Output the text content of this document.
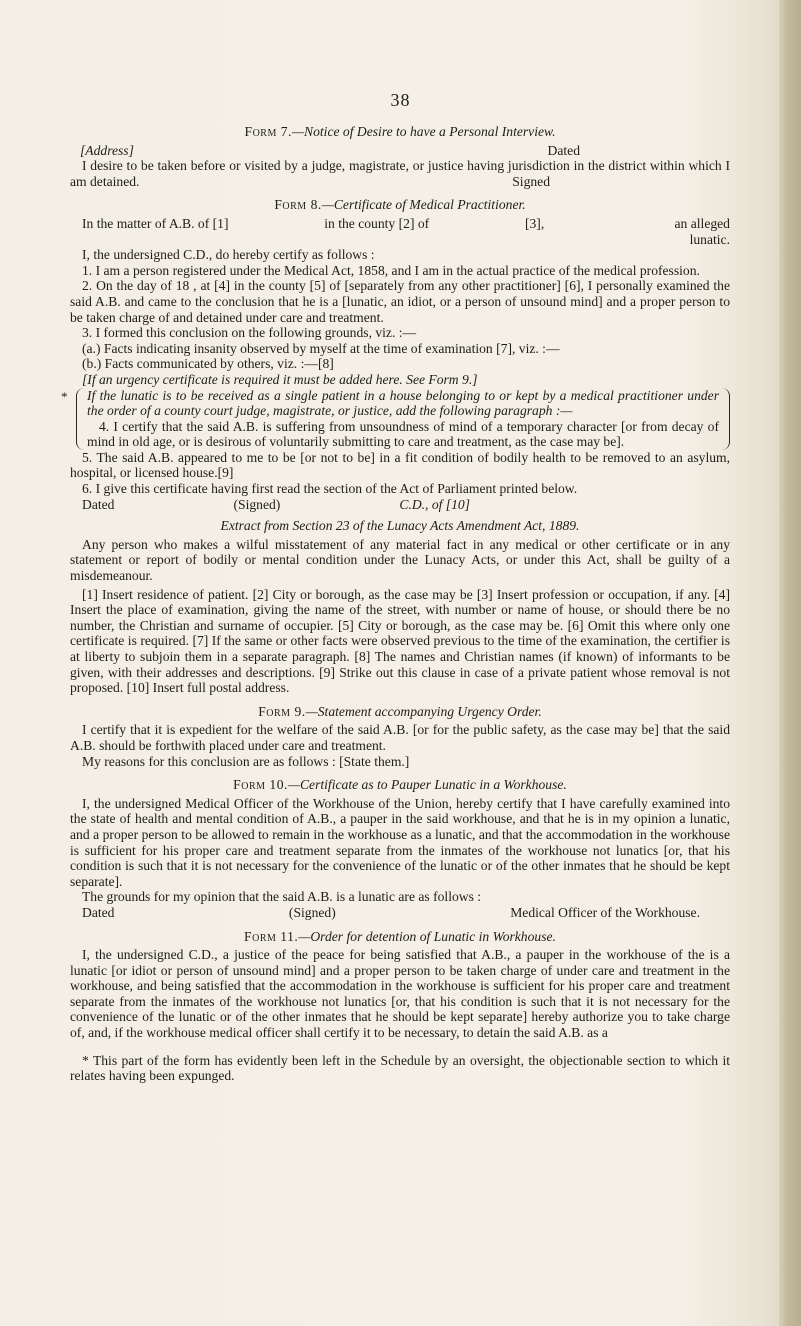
38
Form 7.—Notice of Desire to have a Personal Interview.
[Address]	Dated

I desire to be taken before or visited by a judge, magistrate, or justice having jurisdiction in the district within which I am detained.	Signed
Form 8.—Certificate of Medical Practitioner.
In the matter of A.B. of [1]	in the county [2] of	[3],	an alleged lunatic.

I, the undersigned C.D., do hereby certify as follows :

1. I am a person registered under the Medical Act, 1858, and I am in the actual practice of the medical profession.

2. On the day of 18 , at [4] in the county [5] of [separately from any other practitioner] [6], I personally examined the said A.B. and came to the conclusion that he is a [lunatic, an idiot, or a person of unsound mind] and a proper person to be taken charge of and detained under care and treatment.

3. I formed this conclusion on the following grounds, viz. :—

(a.) Facts indicating insanity observed by myself at the time of examination [7], viz. :—

(b.) Facts communicated by others, viz. :—[8]

[If an urgency certificate is required it must be added here. See Form 9.]

* If the lunatic is to be received as a single patient in a house belonging to or kept by a medical practitioner under the order of a county court judge, magistrate, or justice, add the following paragraph :—

4. I certify that the said A.B. is suffering from unsoundness of mind of a temporary character [or from decay of mind in old age, or is desirous of voluntarily submitting to care and treatment, as the case may be].

5. The said A.B. appeared to me to be [or not to be] in a fit condition of bodily health to be removed to an asylum, hospital, or licensed house.[9]

6. I give this certificate having first read the section of the Act of Parliament printed below.

Dated	(Signed)	C.D., of [10]
Extract from Section 23 of the Lunacy Acts Amendment Act, 1889.

Any person who makes a wilful misstatement of any material fact in any medical or other certificate or in any statement or report of bodily or mental condition under the Lunacy Acts, or under this Act, shall be guilty of a misdemeanour.

[1] Insert residence of patient. [2] City or borough, as the case may be [3] Insert profession or occupation, if any. [4] Insert the place of examination, giving the name of the street, with number or name of house, or should there be no number, the Christian and surname of occupier. [5] City or borough, as the case may be. [6] Omit this where only one certificate is required. [7] If the same or other facts were observed previous to the time of the examination, the certifier is at liberty to subjoin them in a separate paragraph. [8] The names and Christian names (if known) of informants to be given, with their addresses and descriptions. [9] Strike out this clause in case of a private patient whose removal is not proposed. [10] Insert full postal address.

Form 9.—Statement accompanying Urgency Order.

I certify that it is expedient for the welfare of the said A.B. [or for the public safety, as the case may be] that the said A.B. should be forthwith placed under care and treatment.

My reasons for this conclusion are as follows : [State them.]

Form 10.—Certificate as to Pauper Lunatic in a Workhouse.

I, the undersigned Medical Officer of the Workhouse of the Union, hereby certify that I have carefully examined into the state of health and mental condition of A.B., a pauper in the said workhouse, and that he is in my opinion a lunatic, and a proper person to be allowed to remain in the workhouse as a lunatic, and that the accommodation in the workhouse is sufficient for his proper care and treatment separate from the inmates of the workhouse not lunatics [or, that his condition is such that it is not necessary for the convenience of the lunatic or of the other inmates that he should be kept separate].

The grounds for my opinion that the said A.B. is a lunatic are as follows :

Dated	(Signed)	Medical Officer of the Workhouse.
Form 11.—Order for detention of Lunatic in Workhouse.

I, the undersigned C.D., a justice of the peace for being satisfied that A.B., a pauper in the workhouse of the is a lunatic [or idiot or person of unsound mind] and a proper person to be taken charge of under care and treatment in the workhouse, and being satisfied that the accommodation in the workhouse is sufficient for his proper care and treatment separate from the inmates of the workhouse not lunatics [or, that his condition is such that it is not necessary for the convenience of the lunatic or of the other inmates that he should be kept separate] hereby authorize you to take charge of, and, if the workhouse medical officer shall certify it to be necessary, to detain the said A.B. as a

* This part of the form has evidently been left in the Schedule by an oversight, the objectionable section to which it relates having been expunged.
